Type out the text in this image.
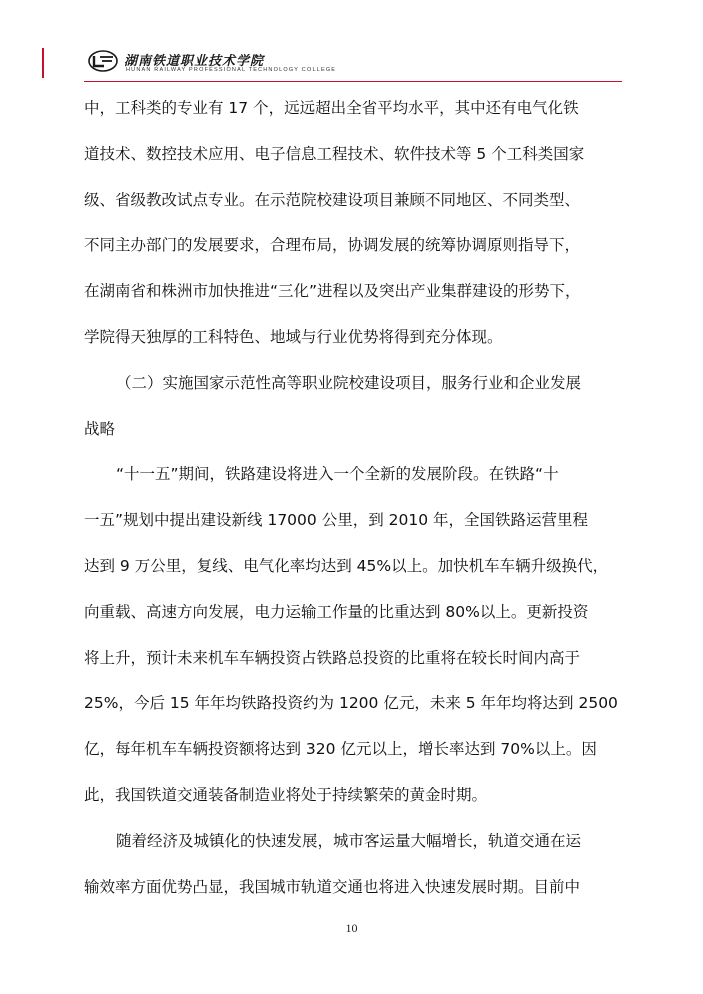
湖南铁道职业技术学院
HUNAN RAILWAY PROFESSIONAL TECHNOLOGY COLLEGE
中，工科类的专业有 17 个，远远超出全省平均水平，其中还有电气化铁
道技术、数控技术应用、电子信息工程技术、软件技术等 5 个工科类国家
级、省级教改试点专业。在示范院校建设项目兼顾不同地区、不同类型、
不同主办部门的发展要求，合理布局，协调发展的统筹协调原则指导下，
在湖南省和株洲市加快推进“三化”进程以及突出产业集群建设的形势下，
学院得天独厚的工科特色、地域与行业优势将得到充分体现。
（二）实施国家示范性高等职业院校建设项目，服务行业和企业发展
战略
“十一五”期间，铁路建设将进入一个全新的发展阶段。在铁路“十
一五”规划中提出建设新线 17000 公里，到 2010 年，全国铁路运营里程
达到 9 万公里，复线、电气化率均达到 45%以上。加快机车车辆升级换代，
向重载、高速方向发展，电力运输工作量的比重达到 80%以上。更新投资
将上升，预计未来机车车辆投资占铁路总投资的比重将在较长时间内高于
25%，今后 15 年年均铁路投资约为 1200 亿元，未来 5 年年均将达到 2500
亿，每年机车车辆投资额将达到 320 亿元以上，增长率达到 70%以上。因
此，我国铁道交通装备制造业将处于持续繁荣的黄金时期。
随着经济及城镇化的快速发展，城市客运量大幅增长，轨道交通在运
输效率方面优势凸显，我国城市轨道交通也将进入快速发展时期。目前中
10
